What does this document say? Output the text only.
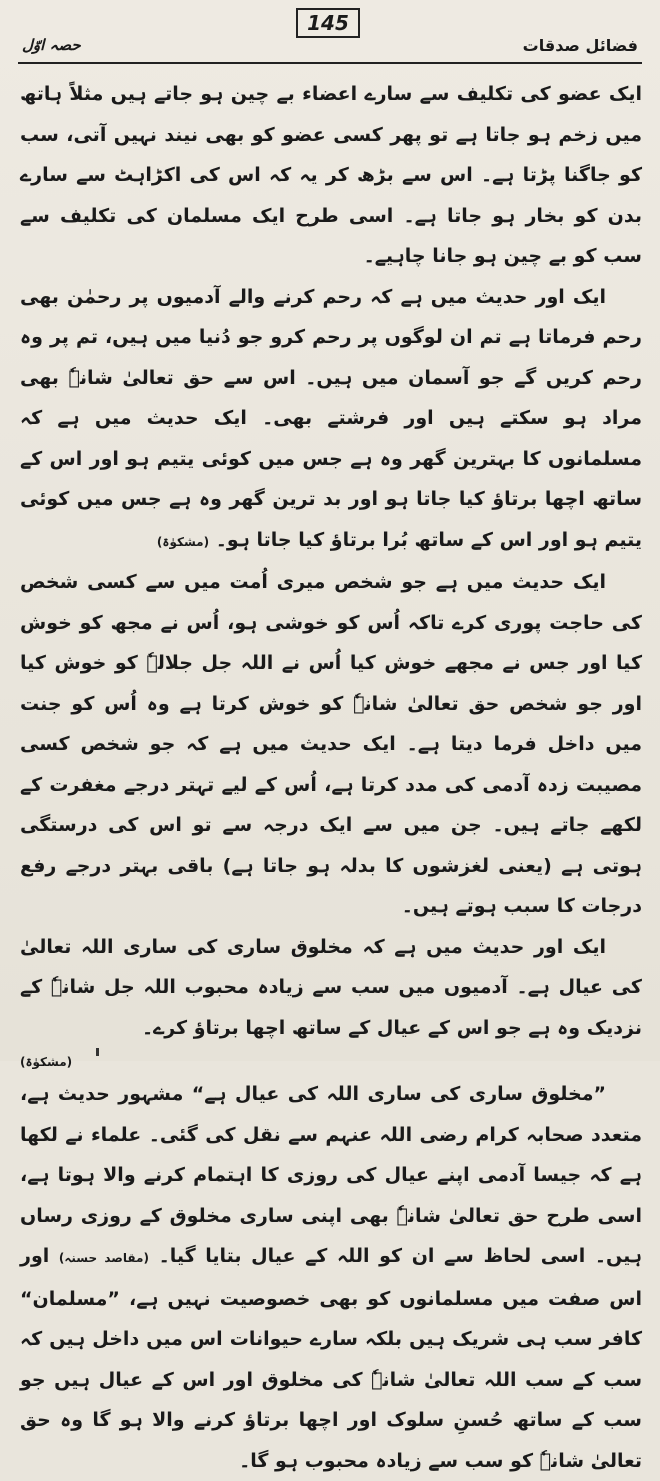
حصہ اوّل
145
فضائل صدقات

ایک عضو کی تکلیف سے سارے اعضاء بے چین ہو جاتے ہیں مثلاً ہاتھ میں زخم ہو جاتا ہے تو پھر کسی عضو کو بھی نیند نہیں آتی، سب کو جاگنا پڑتا ہے۔ اس سے بڑھ کر یہ کہ اس کی اکڑاہٹ سے سارے بدن کو بخار ہو جاتا ہے۔ اسی طرح ایک مسلمان کی تکلیف سے سب کو بے چین ہو جانا چاہیے۔

ایک اور حدیث میں ہے کہ رحم کرنے والے آدمیوں پر رحمٰن بھی رحم فرماتا ہے تم ان لوگوں پر رحم کرو جو دُنیا میں ہیں، تم پر وہ رحم کریں گے جو آسمان میں ہیں۔ اس سے حق تعالیٰ شانہٗ بھی مراد ہو سکتے ہیں اور فرشتے بھی۔ ایک حدیث میں ہے کہ مسلمانوں کا بہترین گھر وہ ہے جس میں کوئی یتیم ہو اور اس کے ساتھ اچھا برتاؤ کیا جاتا ہو اور بد ترین گھر وہ ہے جس میں کوئی یتیم ہو اور اس کے ساتھ بُرا برتاؤ کیا جاتا ہو۔ (مشکوٰۃ)

ایک حدیث میں ہے جو شخص میری اُمت میں سے کسی شخص کی حاجت پوری کرے تاکہ اُس کو خوشی ہو، اُس نے مجھ کو خوش کیا اور جس نے مجھے خوش کیا اُس نے اللہ جل جلالہٗ کو خوش کیا اور جو شخص حق تعالیٰ شانہٗ کو خوش کرتا ہے وہ اُس کو جنت میں داخل فرما دیتا ہے۔ ایک حدیث میں ہے کہ جو شخص کسی مصیبت زدہ آدمی کی مدد کرتا ہے، اُس کے لیے تہتر درجے مغفرت کے لکھے جاتے ہیں۔ جن میں سے ایک درجہ سے تو اس کی درستگی ہوتی ہے (یعنی لغزشوں کا بدلہ ہو جاتا ہے) باقی بہتر درجے رفع درجات کا سبب ہوتے ہیں۔

ایک اور حدیث میں ہے کہ مخلوق ساری کی ساری اللہ تعالیٰ کی عیال ہے۔ آدمیوں میں سب سے زیادہ محبوب اللہ جل شانہٗ کے نزدیک وہ ہے جو اس کے عیال کے ساتھ اچھا برتاؤ کرے۔

(مشکوٰۃ)

”مخلوق ساری کی ساری اللہ کی عیال ہے“ مشہور حدیث ہے، متعدد صحابہ کرام رضی اللہ عنہم سے نقل کی گئی۔ علماء نے لکھا ہے کہ جیسا آدمی اپنے عیال کی روزی کا اہتمام کرنے والا ہوتا ہے، اسی طرح حق تعالیٰ شانہٗ بھی اپنی ساری مخلوق کے روزی رساں ہیں۔ اسی لحاظ سے ان کو اللہ کے عیال بتایا گیا۔ (مقاصد حسنہ) اور اس صفت میں مسلمانوں کو بھی خصوصیت نہیں ہے، ”مسلمان“ کافر سب ہی شریک ہیں بلکہ سارے حیوانات اس میں داخل ہیں کہ سب کے سب اللہ تعالیٰ شانہٗ کی مخلوق اور اس کے عیال ہیں جو سب کے ساتھ حُسنِ سلوک اور اچھا برتاؤ کرنے والا ہو گا وہ حق تعالیٰ شانہٗ کو سب سے زیادہ محبوب ہو گا۔
